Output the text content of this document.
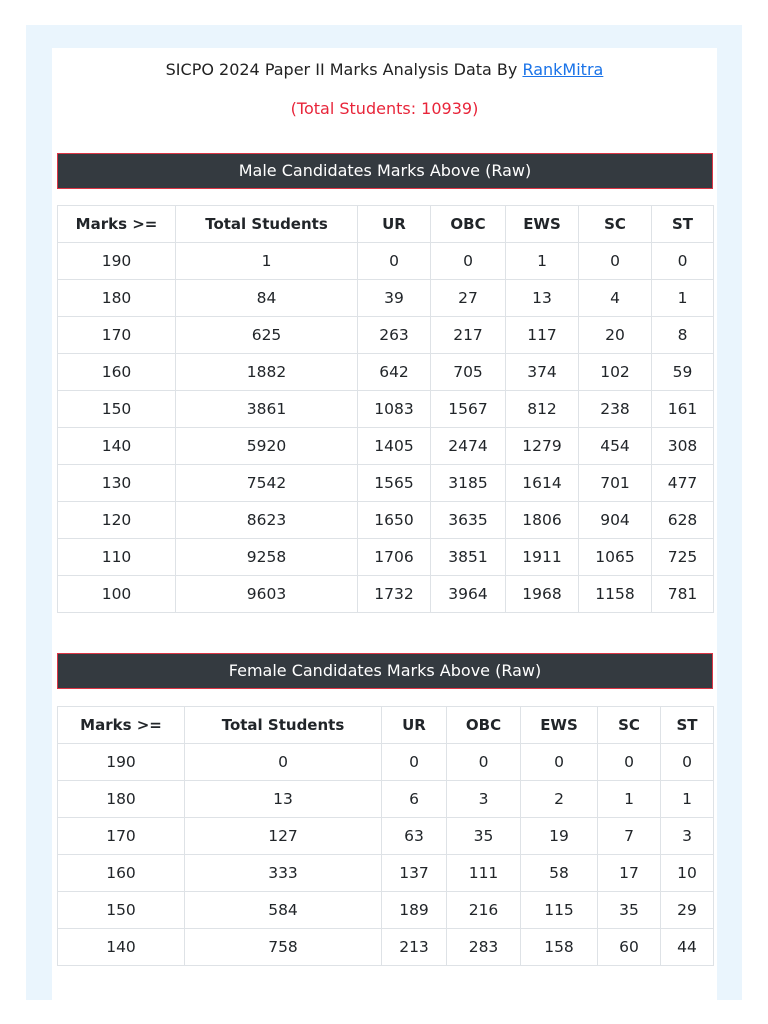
SICPO 2024 Paper II Marks Analysis Data By RankMitra
(Total Students: 10939)
Male Candidates Marks Above (Raw)
Marks >=	Total Students	UR	OBC	EWS	SC	ST
190	1	0	0	1	0	0
180	84	39	27	13	4	1
170	625	263	217	117	20	8
160	1882	642	705	374	102	59
150	3861	1083	1567	812	238	161
140	5920	1405	2474	1279	454	308
130	7542	1565	3185	1614	701	477
120	8623	1650	3635	1806	904	628
110	9258	1706	3851	1911	1065	725
100	9603	1732	3964	1968	1158	781
Female Candidates Marks Above (Raw)
Marks >=	Total Students	UR	OBC	EWS	SC	ST
190	0	0	0	0	0	0
180	13	6	3	2	1	1
170	127	63	35	19	7	3
160	333	137	111	58	17	10
150	584	189	216	115	35	29
140	758	213	283	158	60	44
